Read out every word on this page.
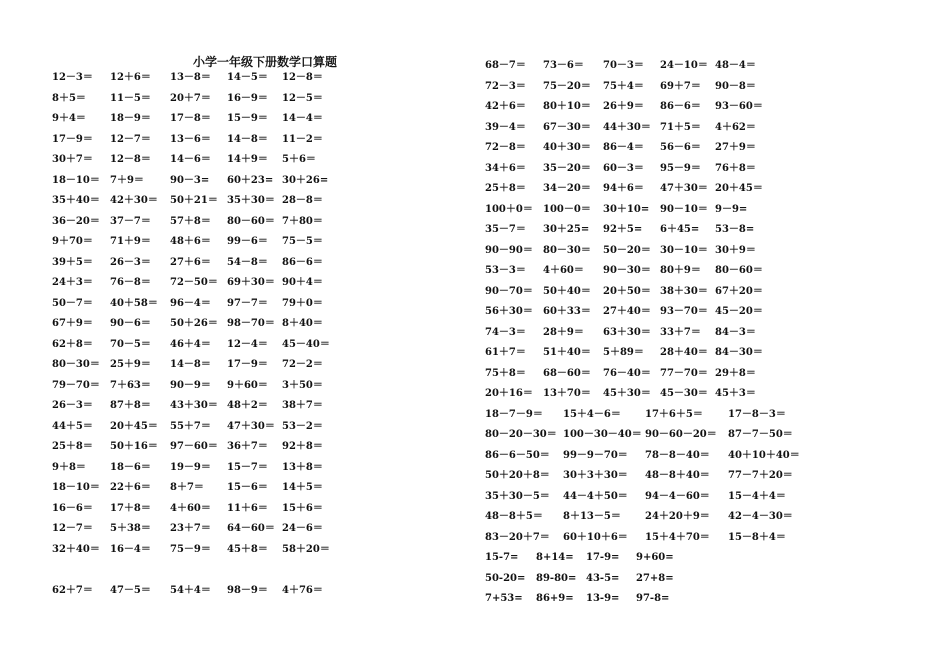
小学一年级下册数学口算题
12－3＝ 12＋6＝ 13－8＝ 14－5＝ 12－8＝
8＋5＝ 11－5＝ 20＋7＝ 16－9＝ 12－5＝
9＋4＝ 18－9＝ 17－8＝ 15－9＝ 14－4＝
17－9＝ 12－7＝ 13－6＝ 14－8＝ 11－2＝
30＋7＝ 12－8＝ 14－6＝ 14＋9＝ 5＋6＝
18－10＝ 7＋9＝	90－3= 60＋23= 30＋26=
35＋40＝ 42＋30＝ 50＋21＝ 35＋30＝ 28－8＝
36－20＝ 37－7＝ 57＋8＝ 80－60＝ 7＋80＝
9＋70＝ 71＋9＝ 48＋6＝ 99－6＝ 75－5＝
39＋5＝ 26－3＝ 27＋6＝ 54－8＝ 86－6＝
24＋3＝ 76－8＝ 72－50＝ 69＋30＝ 90＋4＝
50－7＝ 40＋58＝ 96－4＝ 97－7＝ 79＋0＝
67＋9＝ 90－6＝ 50＋26＝ 98－70＝ 8＋40＝
62＋8＝ 70－5＝ 46＋4＝ 12－4＝ 45－40＝
80－30＝ 25＋9＝ 14－8＝ 17－9＝ 72－2＝
79－70＝ 7＋63＝ 90－9＝ 9＋60＝ 3＋50＝
26－3＝ 87＋8＝ 43＋30＝ 48＋2＝ 38＋7＝
44＋5＝ 20＋45＝ 55＋7＝ 47＋30＝ 53－2＝
25＋8＝ 50＋16＝ 97－60＝ 36＋7＝ 92＋8＝
9＋8＝ 18－6＝ 19－9＝ 15－7＝ 13＋8＝
18－10＝ 22＋6＝ 8＋7＝ 15－6＝ 14＋5＝
16－6＝ 17＋8＝ 4＋60＝ 11＋6＝ 15＋6＝
12－7＝ 5＋38＝ 23＋7＝ 64－60＝ 24－6＝
32＋40＝ 16－4＝ 75－9＝ 45＋8＝ 58＋20＝
62＋7＝ 47－5＝ 54＋4＝ 98－9＝ 4＋76＝
68－7＝ 73－6＝ 70－3＝ 24－10＝ 48－4＝
72－3＝ 75－20＝ 75＋4＝ 69＋7＝ 90－8＝
42＋6＝ 80＋10＝ 26＋9＝ 86－6＝ 93－60＝
39－4＝ 67－30＝ 44＋30＝ 71＋5＝ 4＋62＝
72－8＝ 40＋30＝ 86－4＝ 56－6＝ 27＋9＝
34＋6＝ 35－20＝ 60－3＝ 95－9＝ 76＋8＝
25＋8＝ 34－20＝ 94＋6＝ 47＋30＝ 20＋45＝
100＋0＝ 100－0＝ 30＋10= 90－10＝ 9－9=
35－7＝ 30＋25= 92＋5= 6＋45= 53－8=
90－90＝ 80－30＝ 50－20＝ 30－10＝ 30＋9＝
53－3＝ 4＋60＝ 90－30＝ 80＋9＝ 80－60＝
90－70＝ 50＋40＝ 20＋50＝ 38＋30＝ 67＋20＝
56＋30＝ 60＋33＝ 27＋40＝ 93－70＝ 45－20＝
74－3＝ 28＋9＝ 63＋30＝ 33＋7＝ 84－3＝
61＋7＝ 51＋40＝ 5＋89＝ 28＋40＝ 84－30＝
75＋8＝ 68－60＝ 76－40＝ 77－70＝ 29＋8＝
20＋16＝ 13＋70＝ 45＋30＝ 45－30＝ 45＋3＝
18－7－9＝ 15＋4－6＝ 17＋6＋5＝	17－8－3＝
80－20－30＝ 100－30－40＝ 90－60－20＝ 87－7－50＝
86－6－50＝ 99－9－70＝ 78－8－40＝ 40＋10＋40＝
50＋20＋8＝ 30＋3＋30＝ 48－8＋40＝ 77－7＋20＝
35＋30－5＝ 44－4＋50＝ 94－4－60＝ 15－4＋4＝
48－8＋5＝ 8＋13－5＝ 24＋20＋9＝ 42－4－30＝
83－20＋7＝ 60＋10＋6＝ 15＋4＋70＝ 15－8＋4＝
15-7= 8+14= 17-9= 9+60=
50-20= 89-80= 43-5= 27+8=
7+53= 86+9= 13-9= 97-8=
